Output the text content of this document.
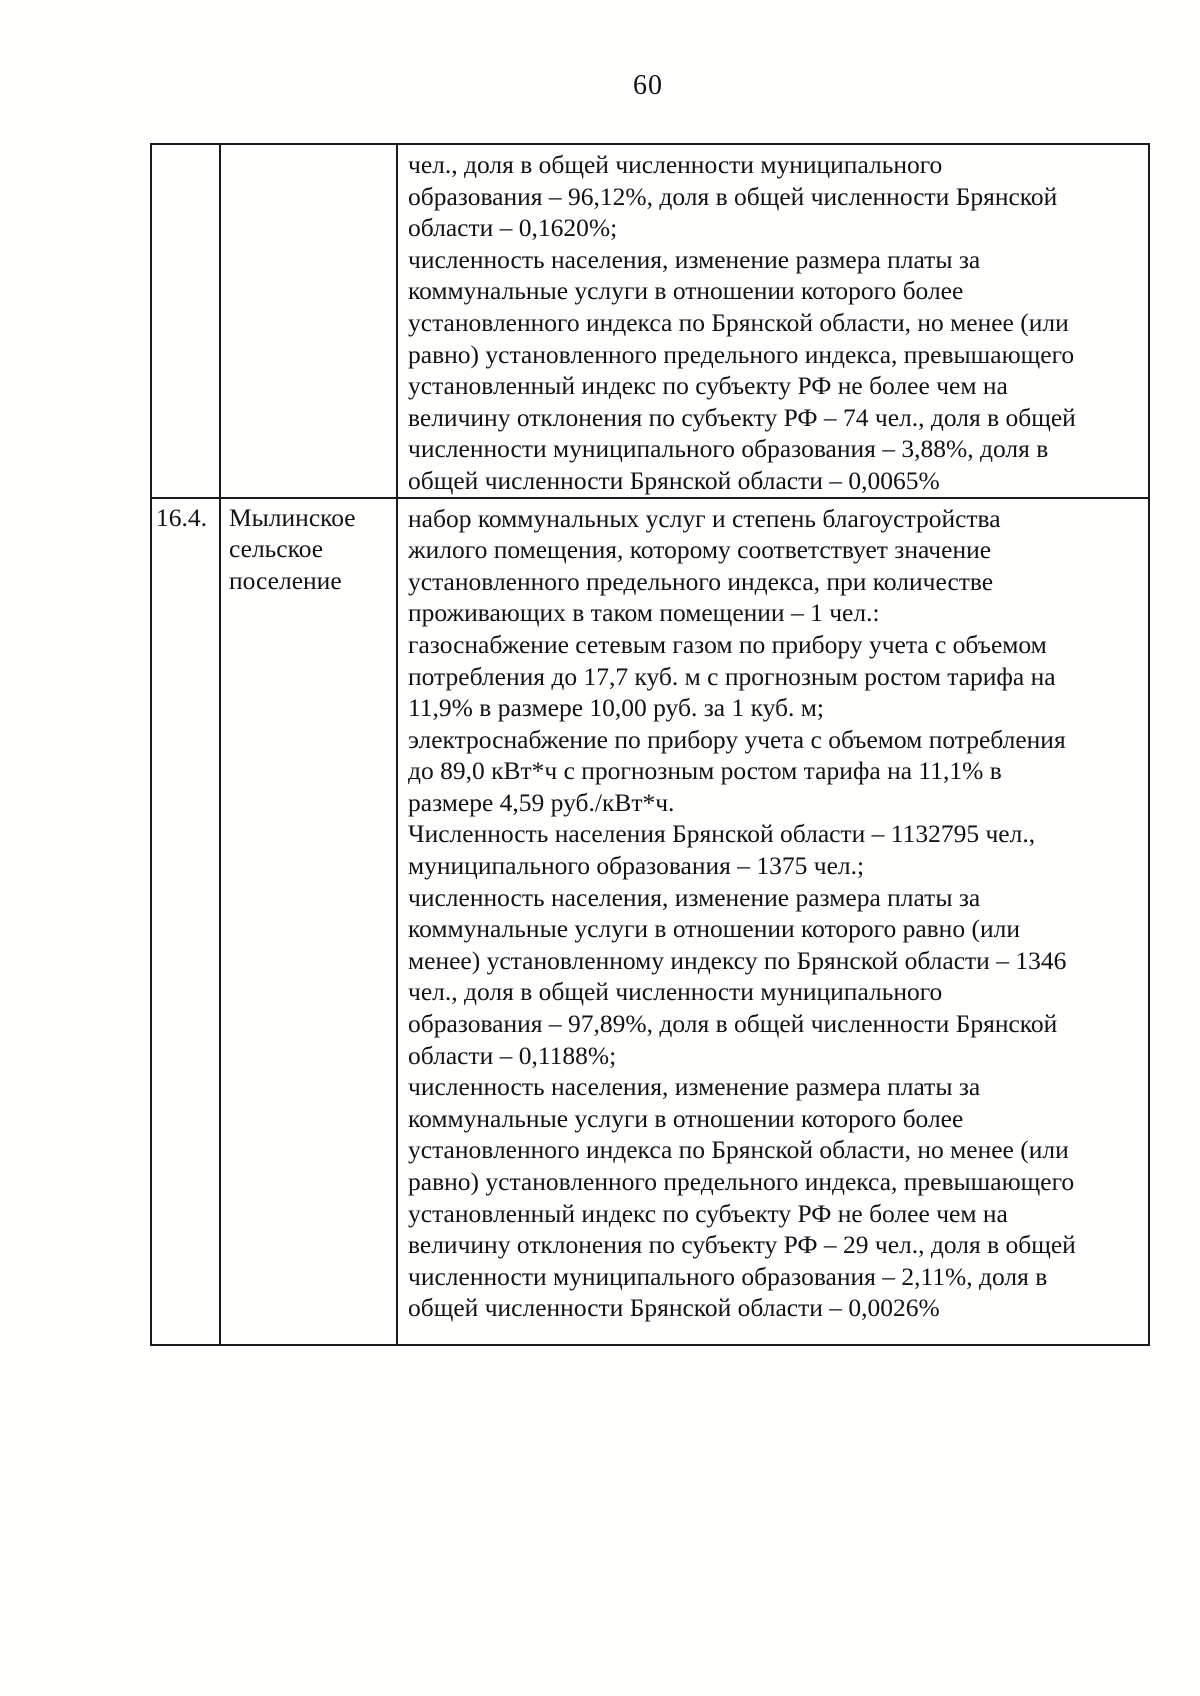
60
чел., доля в общей численности муниципального
образования – 96,12%, доля в общей численности Брянской
области – 0,1620%;
численность населения, изменение размера платы за
коммунальные услуги в отношении которого более
установленного индекса по Брянской области, но менее (или
равно) установленного предельного индекса, превышающего
установленный индекс по субъекту РФ не более чем на
величину отклонения по субъекту РФ – 74 чел., доля в общей
численности муниципального образования – 3,88%, доля в
общей численности Брянской области – 0,0065%
16.4. Мылинское
сельское
поселение
набор коммунальных услуг и степень благоустройства
жилого помещения, которому соответствует значение
установленного предельного индекса, при количестве
проживающих в таком помещении – 1 чел.:
газоснабжение сетевым газом по прибору учета с объемом
потребления до 17,7 куб. м с прогнозным ростом тарифа на
11,9% в размере 10,00 руб. за 1 куб. м;
электроснабжение по прибору учета с объемом потребления
до 89,0 кВт*ч с прогнозным ростом тарифа на 11,1% в
размере 4,59 руб./кВт*ч.
Численность населения Брянской области – 1132795 чел.,
муниципального образования – 1375 чел.;
численность населения, изменение размера платы за
коммунальные услуги в отношении которого равно (или
менее) установленному индексу по Брянской области – 1346
чел., доля в общей численности муниципального
образования – 97,89%, доля в общей численности Брянской
области – 0,1188%;
численность населения, изменение размера платы за
коммунальные услуги в отношении которого более
установленного индекса по Брянской области, но менее (или
равно) установленного предельного индекса, превышающего
установленный индекс по субъекту РФ не более чем на
величину отклонения по субъекту РФ – 29 чел., доля в общей
численности муниципального образования – 2,11%, доля в
общей численности Брянской области – 0,0026%
